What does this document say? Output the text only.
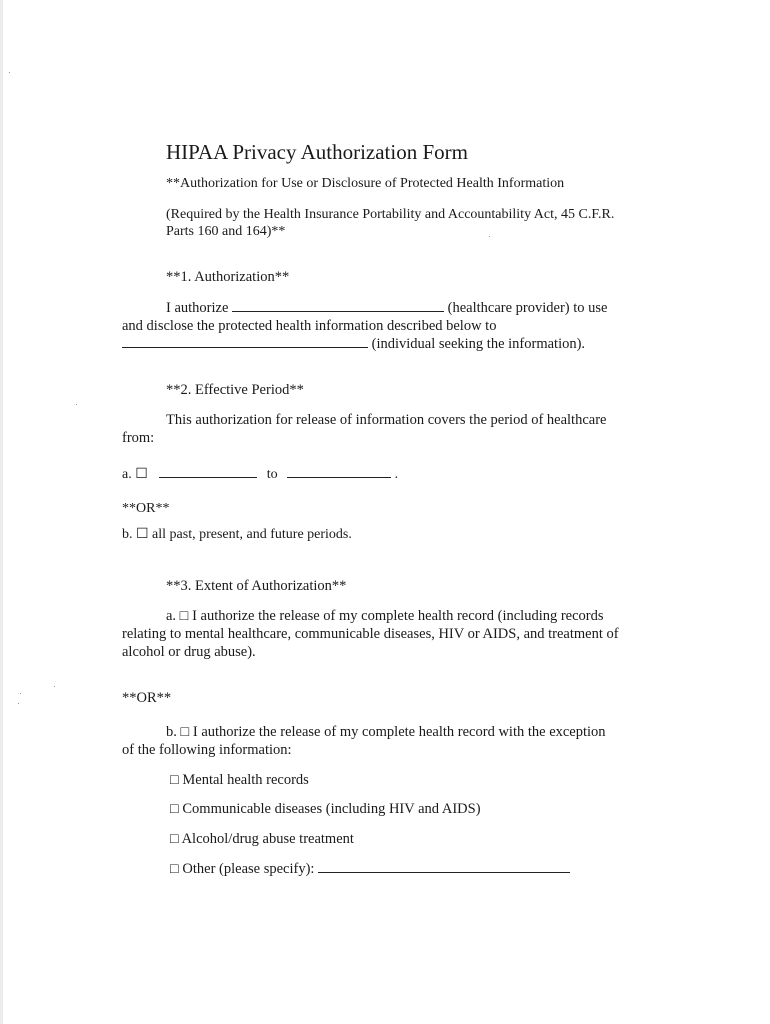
HIPAA Privacy Authorization Form
**Authorization for Use or Disclosure of Protected Health Information
(Required by the Health Insurance Portability and Accountability Act, 45 C.F.R.
Parts 160 and 164)**
**1. Authorization**
I authorize	(healthcare provider) to use
and disclose the protected health information described below to
(individual seeking the information).
**2. Effective Period**
This authorization for release of information covers the period of healthcare
from:
a. ☐	to	.
**OR**
b. ☐ all past, present, and future periods.
**3. Extent of Authorization**
a. □ I authorize the release of my complete health record (including records
relating to mental healthcare, communicable diseases, HIV or AIDS, and treatment of
alcohol or drug abuse).
**OR**
b. □ I authorize the release of my complete health record with the exception
of the following information:
□ Mental health records
□ Communicable diseases (including HIV and AIDS)
□ Alcohol/drug abuse treatment
□ Other (please specify):
